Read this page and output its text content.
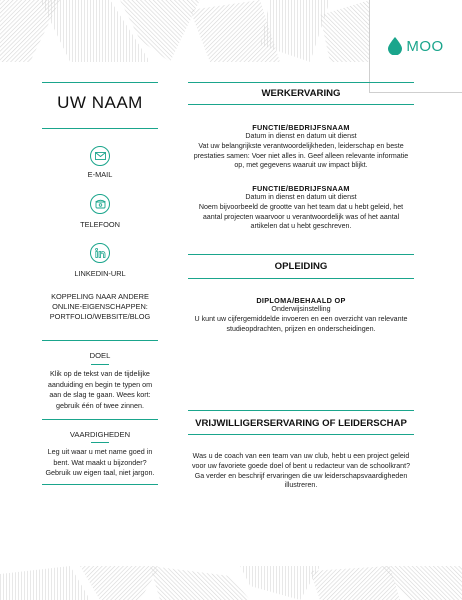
MOO
UW NAAM
E-MAIL
TELEFOON
LINKEDIN-URL
KOPPELING NAAR ANDERE
ONLINE-EIGENSCHAPPEN:
PORTFOLIO/WEBSITE/BLOG
DOEL
Klik op de tekst van de tijdelijke
aanduiding en begin te typen om
aan de slag te gaan. Wees kort:
gebruik één of twee zinnen.
VAARDIGHEDEN
Leg uit waar u met name goed in
bent. Wat maakt u bijzonder?
Gebruik uw eigen taal, niet jargon.
WERKERVARING
FUNCTIE/BEDRIJFSNAAM
Datum in dienst en datum uit dienst
Vat uw belangrijkste verantwoordelijkheden, leiderschap en beste
prestaties samen: Voer niet alles in. Geef alleen relevante informatie
op, met gegevens waaruit uw impact blijkt.
FUNCTIE/BEDRIJFSNAAM
Datum in dienst en datum uit dienst
Noem bijvoorbeeld de grootte van het team dat u hebt geleid, het
aantal projecten waarvoor u verantwoordelijk was of het aantal
artikelen dat u hebt geschreven.
OPLEIDING
DIPLOMA/BEHAALD OP
Onderwijsinstelling
U kunt uw cijfergemiddelde invoeren en een overzicht van relevante
studieopdrachten, prijzen en onderscheidingen.
VRIJWILLIGERSERVARING OF LEIDERSCHAP
Was u de coach van een team van uw club, hebt u een project geleid
voor uw favoriete goede doel of bent u redacteur van de schoolkrant?
Ga verder en beschrijf ervaringen die uw leiderschapsvaardigheden
illustreren.
